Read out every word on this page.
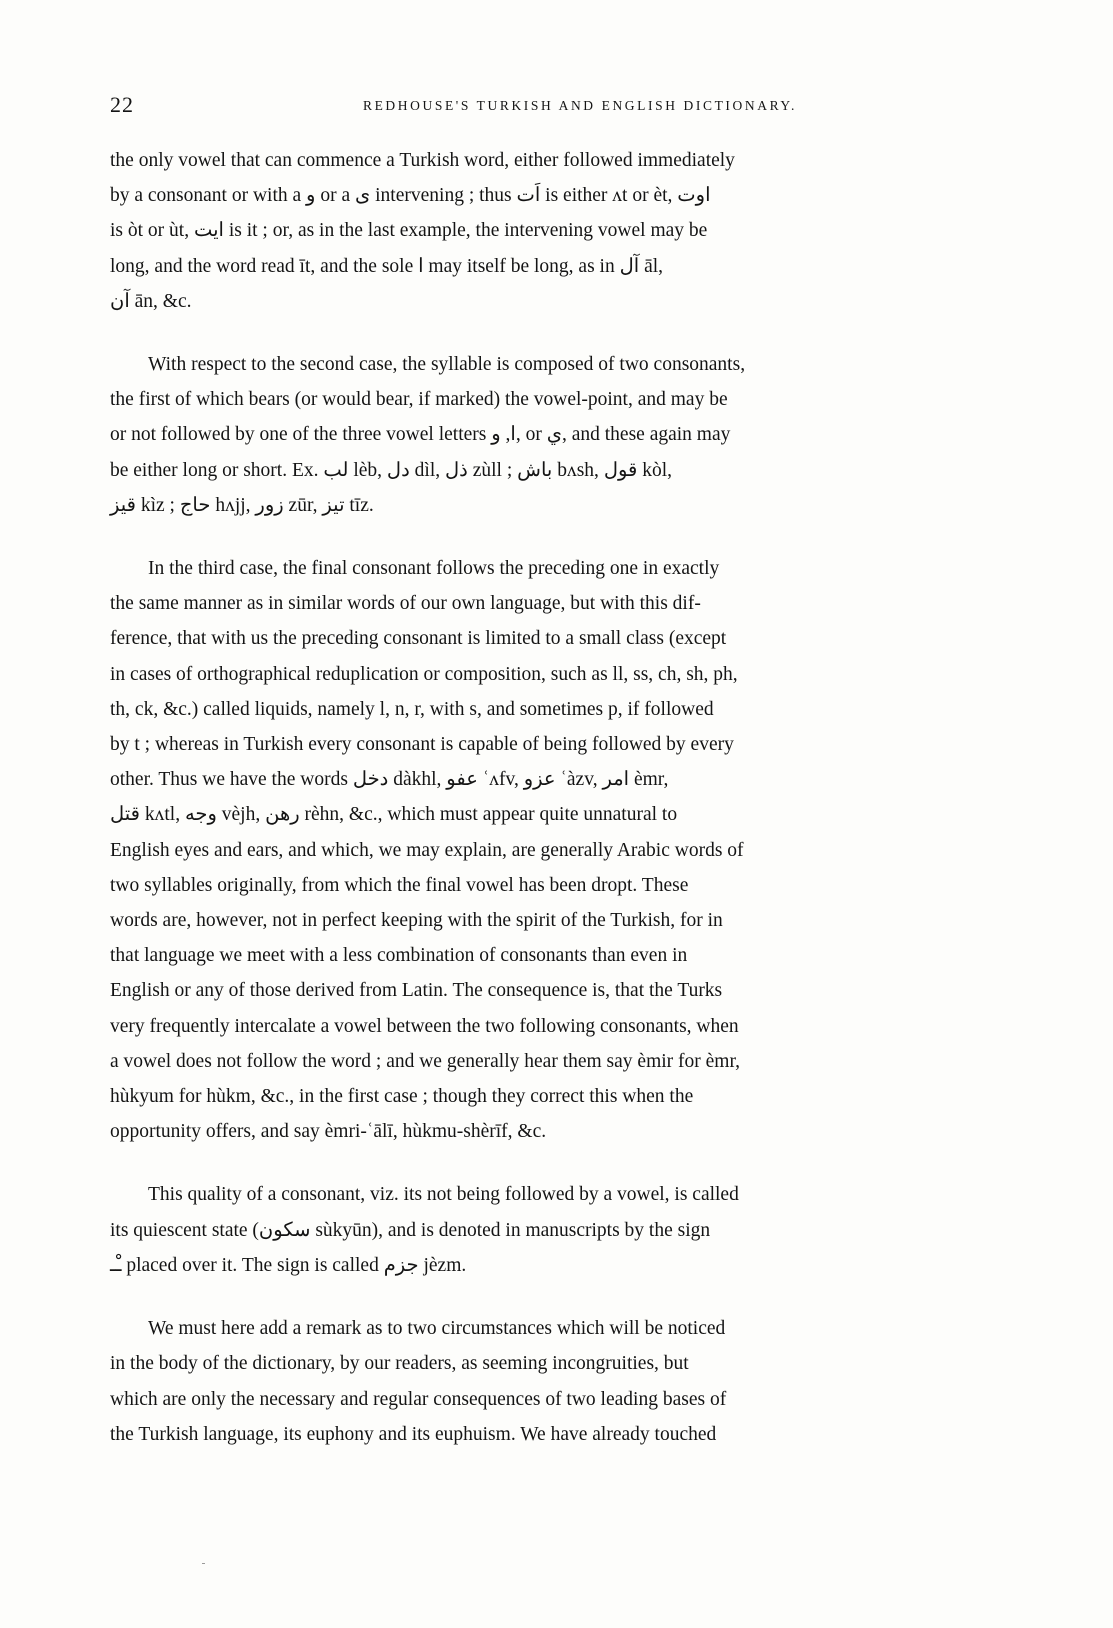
22	REDHOUSE'S TURKISH AND ENGLISH DICTIONARY.

the only vowel that can commence a Turkish word, either followed immediately
by a consonant or with a و or a ى intervening ; thus اَت is either ʌt or èt, اوت
is òt or ùt, ايت is it ; or, as in the last example, the intervening vowel may be
long, and the word read īt, and the sole ا may itself be long, as in آل āl,
آن ān, &c.

With respect to the second case, the syllable is composed of two consonants,
the first of which bears (or would bear, if marked) the vowel-point, and may be
or not followed by one of the three vowel letters ا, و, or ي, and these again may
be either long or short. Ex. لب lèb, دل dìl, ذل zùll ; باش bʌsh, قول kòl,
قيز kìz ; حاج hʌjj, زور zūr, تيز tīz.

In the third case, the final consonant follows the preceding one in exactly
the same manner as in similar words of our own language, but with this dif-
ference, that with us the preceding consonant is limited to a small class (except
in cases of orthographical reduplication or composition, such as ll, ss, ch, sh, ph,
th, ck, &c.) called liquids, namely l, n, r, with s, and sometimes p, if followed
by t ; whereas in Turkish every consonant is capable of being followed by every
other. Thus we have the words دخل dàkhl, عفو ʿʌfv, عزو ʿàzv, امر èmr,
قتل kʌtl, وجه vèjh, رهن rèhn, &c., which must appear quite unnatural to
English eyes and ears, and which, we may explain, are generally Arabic words of
two syllables originally, from which the final vowel has been dropt. These
words are, however, not in perfect keeping with the spirit of the Turkish, for in
that language we meet with a less combination of consonants than even in
English or any of those derived from Latin. The consequence is, that the Turks
very frequently intercalate a vowel between the two following consonants, when
a vowel does not follow the word ; and we generally hear them say èmir for èmr,
hùkyum for hùkm, &c., in the first case ; though they correct this when the
opportunity offers, and say èmri-ʿālī, hùkmu-shèrīf, &c.

This quality of a consonant, viz. its not being followed by a vowel, is called
its quiescent state (سكون sùkyūn), and is denoted in manuscripts by the sign
ـْـ placed over it. The sign is called جزم jèzm.

We must here add a remark as to two circumstances which will be noticed
in the body of the dictionary, by our readers, as seeming incongruities, but
which are only the necessary and regular consequences of two leading bases of
the Turkish language, its euphony and its euphuism. We have already touched
